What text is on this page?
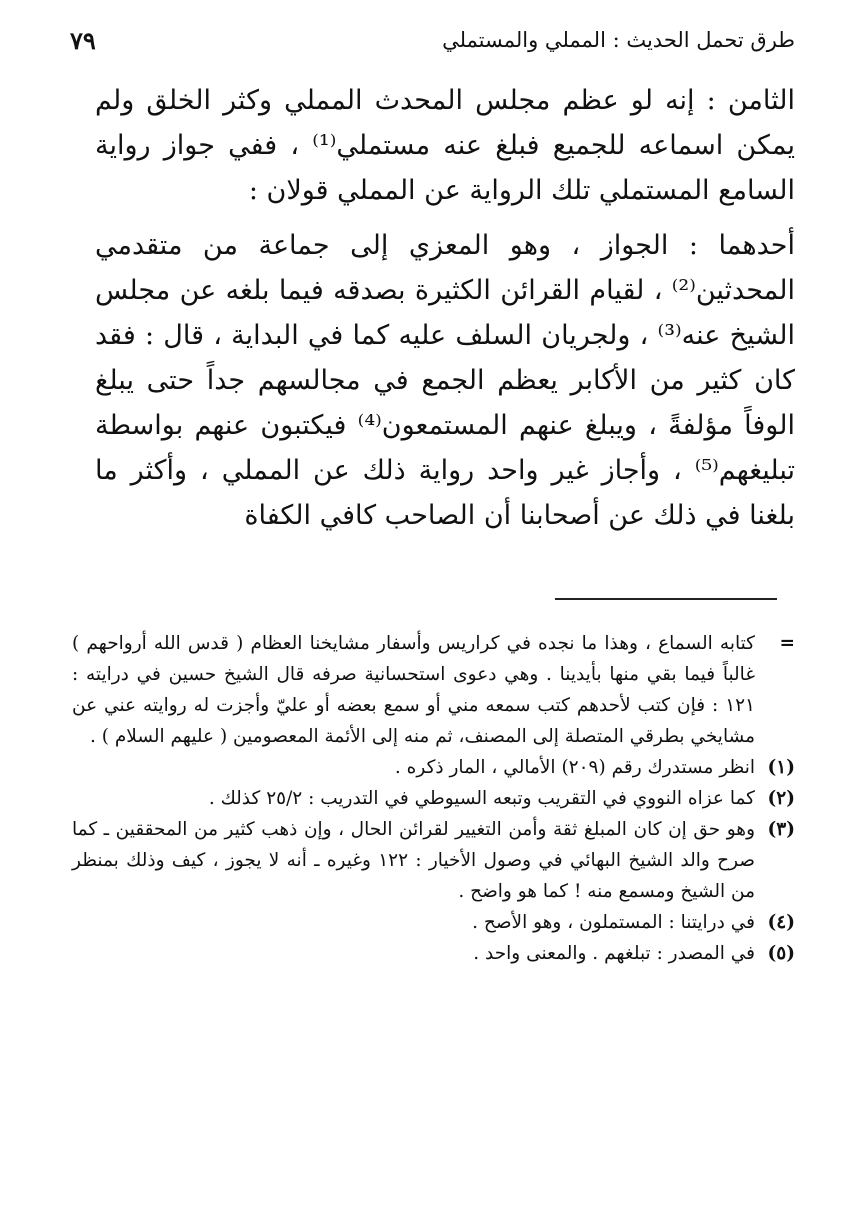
طرق تحمل الحديث : المملي والمستملي
٧٩

الثامن : إنه لو عظم مجلس المحدث المملي وكثر الخلق ولم يمكن اسماعه للجميع فبلغ عنه مستملي⁽¹⁾ ، ففي جواز رواية السامع المستملي تلك الرواية عن المملي قولان :

أحدهما : الجواز ، وهو المعزي إلى جماعة من متقدمي المحدثين⁽²⁾ ، لقيام القرائن الكثيرة بصدقه فيما بلغه عن مجلس الشيخ عنه⁽³⁾ ، ولجريان السلف عليه كما في البداية ، قال : فقد كان كثير من الأكابر يعظم الجمع في مجالسهم جداً حتى يبلغ الوفاً مؤلفةً ، ويبلغ عنهم المستمعون⁽⁴⁾ فيكتبون عنهم بواسطة تبليغهم⁽⁵⁾ ، وأجاز غير واحد رواية ذلك عن المملي ، وأكثر ما بلغنا في ذلك عن أصحابنا أن الصاحب كافي الكفاة

=
كتابه السماع ، وهذا ما نجده في كراريس وأسفار مشايخنا العظام ( قدس الله أرواحهم ) غالباً فيما بقي منها بأيدينا . وهي دعوى استحسانية صرفه قال الشيخ حسين في درايته : ١٢١ : فإن كتب لأحدهم كتب سمعه مني أو سمع بعضه أو عليّ وأجزت له روايته عني عن مشايخي بطرقي المتصلة إلى المصنف، ثم منه إلى الأئمة المعصومين ( عليهم السلام ) .
(١)
انظر مستدرك رقم (٢٠٩) الأمالي ، المار ذكره .
(٢)
كما عزاه النووي في التقريب وتبعه السيوطي في التدريب : ٢٥/٢ كذلك .
(٣)
وهو حق إن كان المبلغ ثقة وأمن التغيير لقرائن الحال ، وإن ذهب كثير من المحققين ـ كما صرح والد الشيخ البهائي في وصول الأخيار : ١٢٢ وغيره ـ أنه لا يجوز ، كيف وذلك بمنظر من الشيخ ومسمع منه ! كما هو واضح .
(٤)
في درايتنا : المستملون ، وهو الأصح .
(٥)
في المصدر : تبلغهم . والمعنى واحد .
